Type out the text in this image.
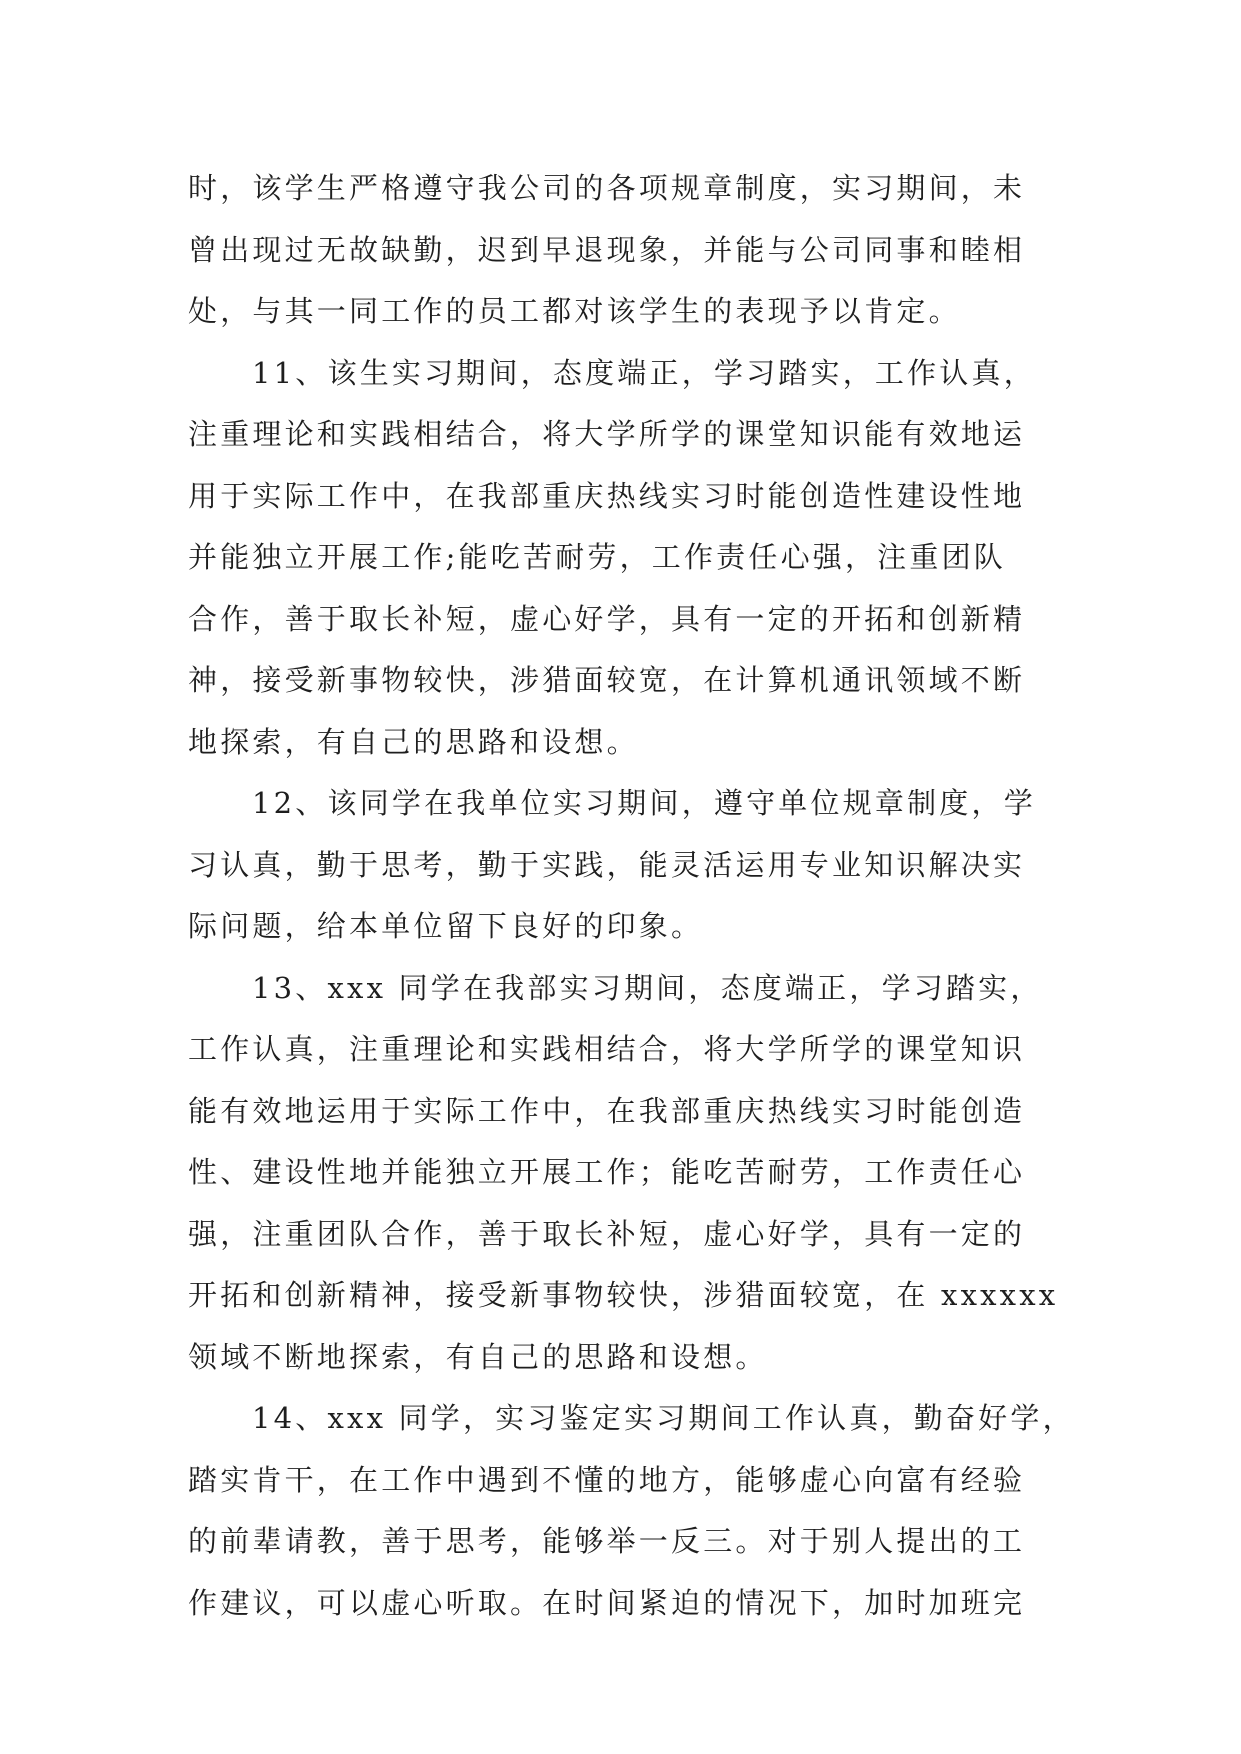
时，该学生严格遵守我公司的各项规章制度，实习期间，未
曾出现过无故缺勤，迟到早退现象，并能与公司同事和睦相
处，与其一同工作的员工都对该学生的表现予以肯定。
11、该生实习期间，态度端正，学习踏实，工作认真，
注重理论和实践相结合，将大学所学的课堂知识能有效地运
用于实际工作中，在我部重庆热线实习时能创造性建设性地
并能独立开展工作;能吃苦耐劳，工作责任心强，注重团队
合作，善于取长补短，虚心好学，具有一定的开拓和创新精
神，接受新事物较快，涉猎面较宽，在计算机通讯领域不断
地探索，有自己的思路和设想。
12、该同学在我单位实习期间，遵守单位规章制度，学
习认真，勤于思考，勤于实践，能灵活运用专业知识解决实
际问题，给本单位留下良好的印象。
13、xxx 同学在我部实习期间，态度端正，学习踏实，
工作认真，注重理论和实践相结合，将大学所学的课堂知识
能有效地运用于实际工作中，在我部重庆热线实习时能创造
性、建设性地并能独立开展工作；能吃苦耐劳，工作责任心
强，注重团队合作，善于取长补短，虚心好学，具有一定的
开拓和创新精神，接受新事物较快，涉猎面较宽，在 xxxxxx
领域不断地探索，有自己的思路和设想。
14、xxx 同学，实习鉴定实习期间工作认真，勤奋好学，
踏实肯干，在工作中遇到不懂的地方，能够虚心向富有经验
的前辈请教，善于思考，能够举一反三。对于别人提出的工
作建议，可以虚心听取。在时间紧迫的情况下，加时加班完
